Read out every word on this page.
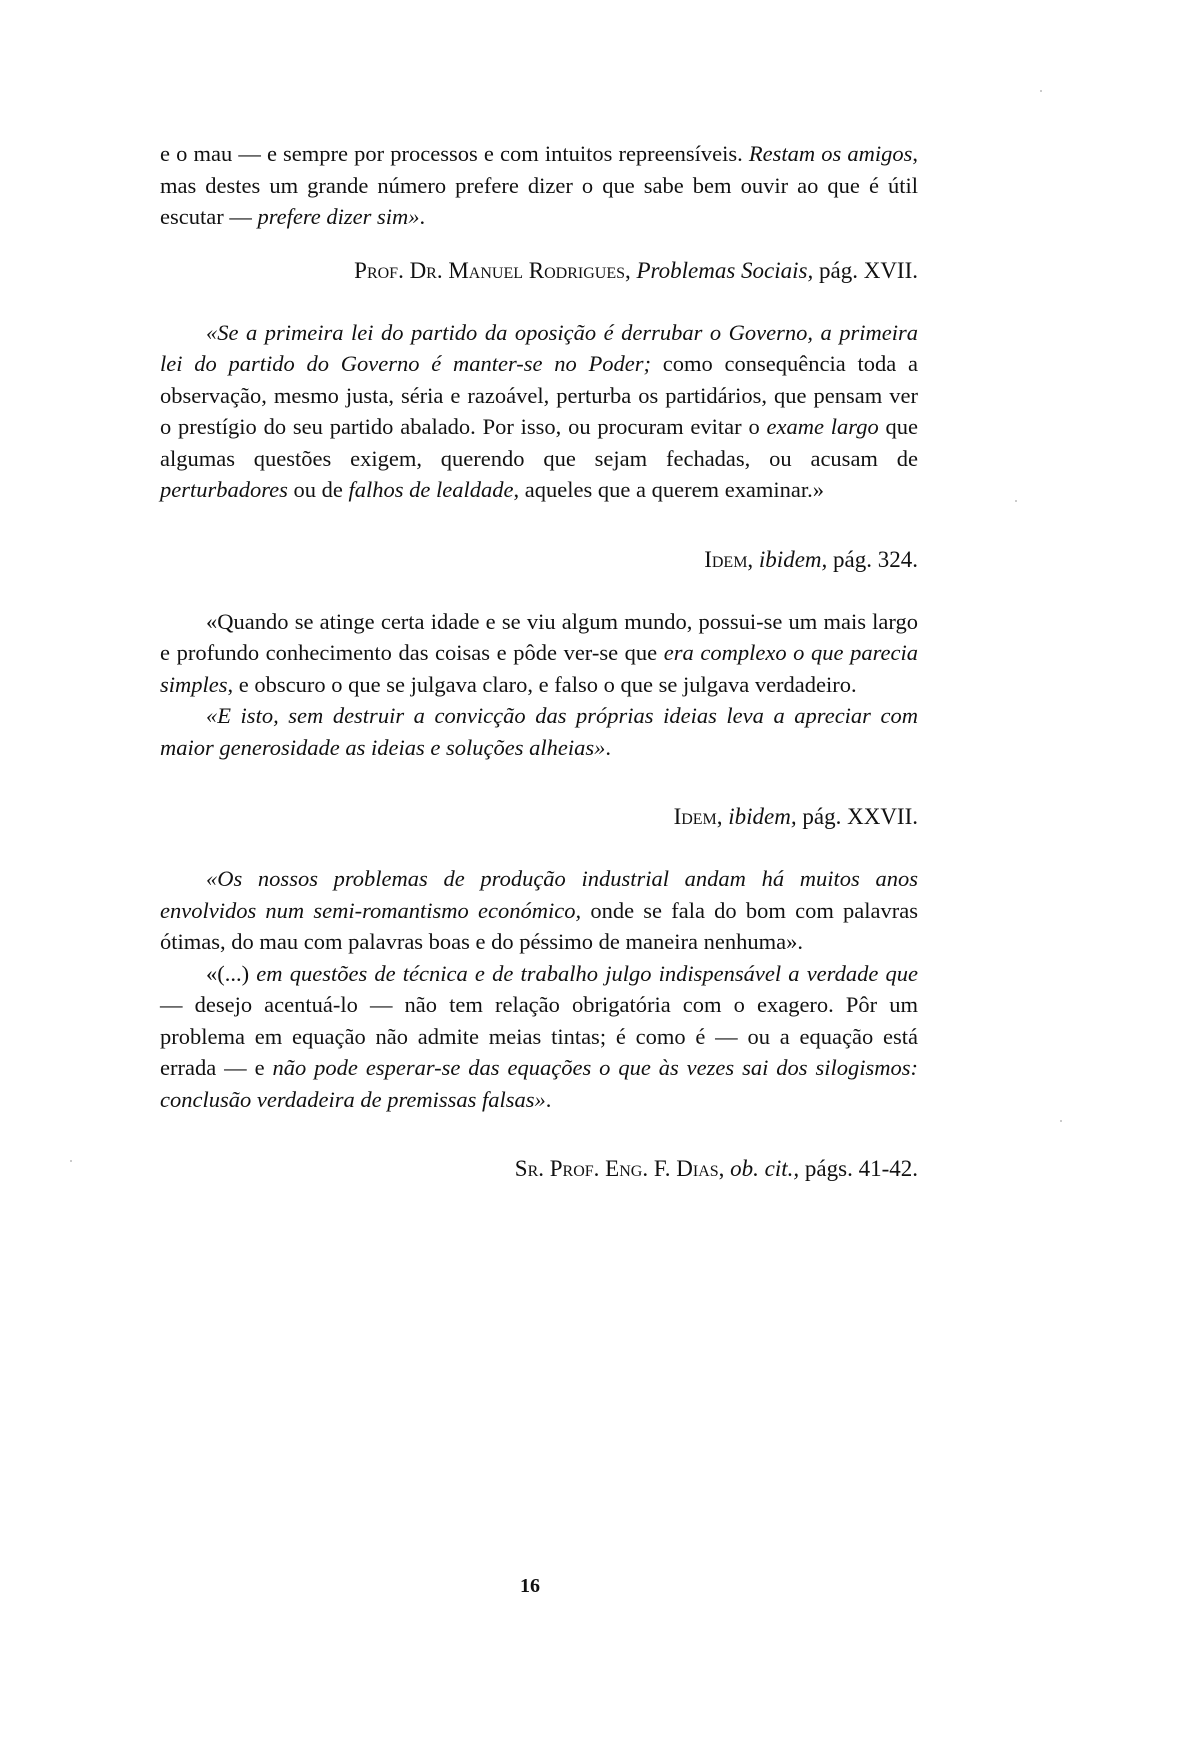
e o mau — e sempre por processos e com intuitos repreensíveis. Restam os amigos, mas destes um grande número prefere dizer o que sabe bem ouvir ao que é útil escutar — prefere dizer sim».

Prof. Dr. Manuel Rodrigues, Problemas Sociais, pág. XVII.

«Se a primeira lei do partido da oposição é derrubar o Governo, a primeira lei do partido do Governo é manter-se no Poder; como consequência toda a observação, mesmo justa, séria e razoável, perturba os partidários, que pensam ver o prestígio do seu partido abalado. Por isso, ou procuram evitar o exame largo que algumas questões exigem, querendo que sejam fechadas, ou acusam de perturbadores ou de falhos de lealdade, aqueles que a querem examinar.»

Idem, ibidem, pág. 324.

«Quando se atinge certa idade e se viu algum mundo, possui-se um mais largo e profundo conhecimento das coisas e pôde ver-se que era complexo o que parecia simples, e obscuro o que se julgava claro, e falso o que se julgava verdadeiro.

«E isto, sem destruir a convicção das próprias ideias leva a apreciar com maior generosidade as ideias e soluções alheias».

Idem, ibidem, pág. XXVII.

«Os nossos problemas de produção industrial andam há muitos anos envolvidos num semi-romantismo económico, onde se fala do bom com palavras ótimas, do mau com palavras boas e do péssimo de maneira nenhuma».

«(...) em questões de técnica e de trabalho julgo indispensável a verdade que — desejo acentuá-lo — não tem relação obrigatória com o exagero. Pôr um problema em equação não admite meias tintas; é como é — ou a equação está errada — e não pode esperar-se das equações o que às vezes sai dos silogismos: conclusão verdadeira de premissas falsas».

Sr. Prof. Eng. F. Dias, ob. cit., págs. 41-42.

16
